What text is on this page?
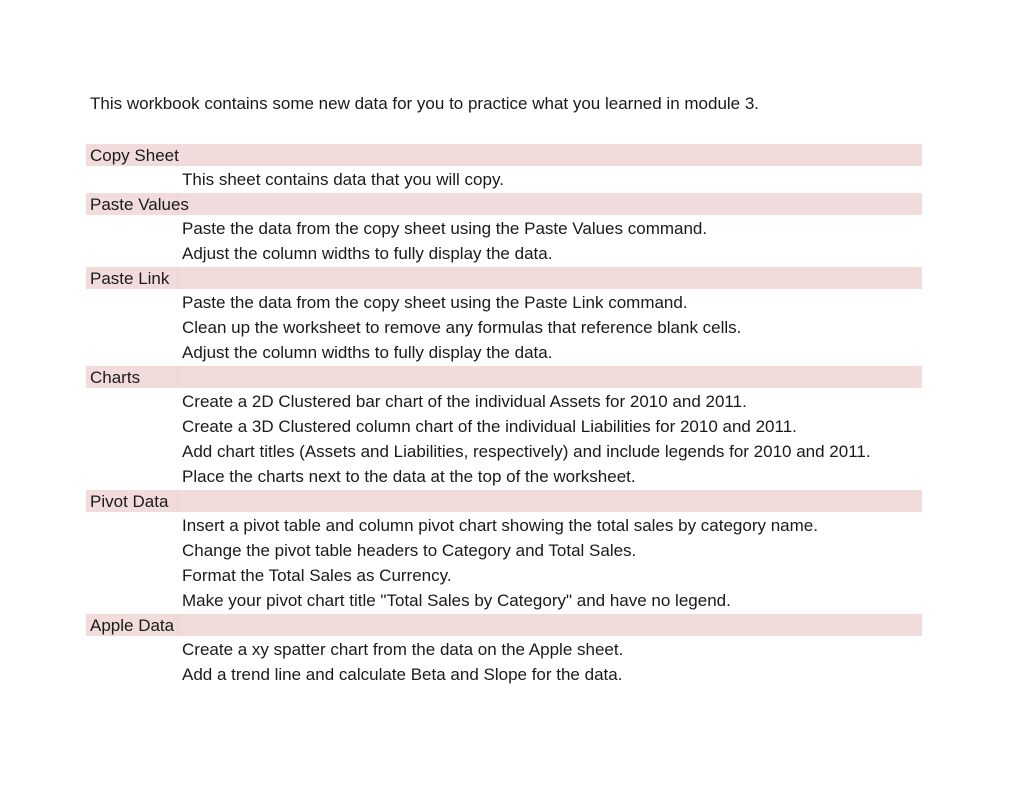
This workbook contains some new data for you to practice what you learned in module 3.
Copy Sheet
This sheet contains data that you will copy.
Paste Values
Paste the data from the copy sheet using the Paste Values command.
Adjust the column widths to fully display the data.
Paste Link
Paste the data from the copy sheet using the Paste Link command.
Clean up the worksheet to remove any formulas that reference blank cells.
Adjust the column widths to fully display the data.
Charts
Create a 2D Clustered bar chart of the individual Assets for 2010 and 2011.
Create a 3D Clustered column chart of the individual Liabilities for 2010 and 2011.
Add chart titles (Assets and Liabilities, respectively) and include legends for 2010 and 2011.
Place the charts next to the data at the top of the worksheet.
Pivot Data
Insert a pivot table and column pivot chart showing the total sales by category name.
Change the pivot table headers to Category and Total Sales.
Format the Total Sales as Currency.
Make your pivot chart title "Total Sales by Category" and have no legend.
Apple Data
Create a xy spatter chart from the data on the Apple sheet.
Add a trend line and calculate Beta and Slope for the data.
